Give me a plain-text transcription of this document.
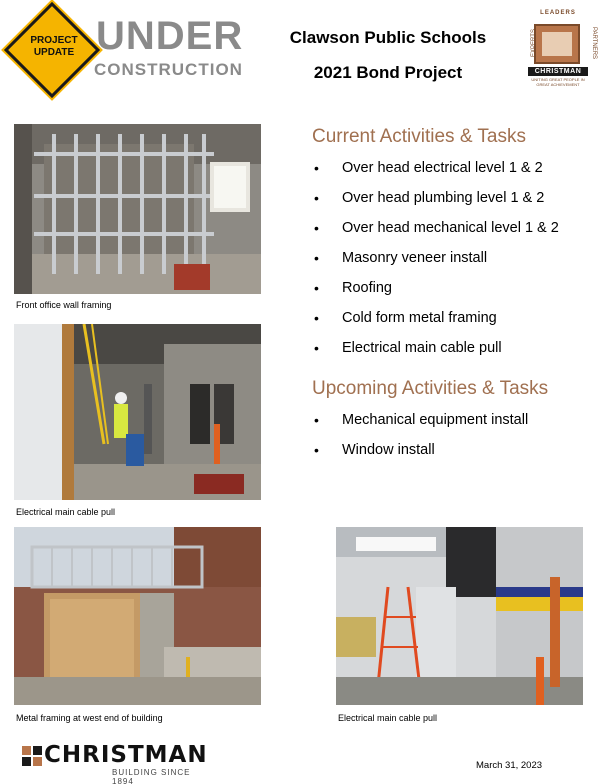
PROJECT
UPDATE UNDER
CONSTRUCTION
Clawson Public Schools
2021 Bond Project
LEADERS
EXPERTS	PARTNERS
CHRISTMAN
UNITING GREAT PEOPLE IN GREAT ACHIEVEMENT
Front office wall framing
Electrical main cable pull
Metal framing at west end of building	Electrical main cable pull
Current Activities & Tasks
• Over head electrical level 1 & 2
• Over head plumbing level 1 & 2
• Over head mechanical level 1 & 2
• Masonry veneer install
• Roofing
• Cold form metal framing
• Electrical main cable pull
Upcoming Activities & Tasks
• Mechanical equipment install
• Window install
CHRISTMAN
BUILDING SINCE 1894
March 31, 2023
